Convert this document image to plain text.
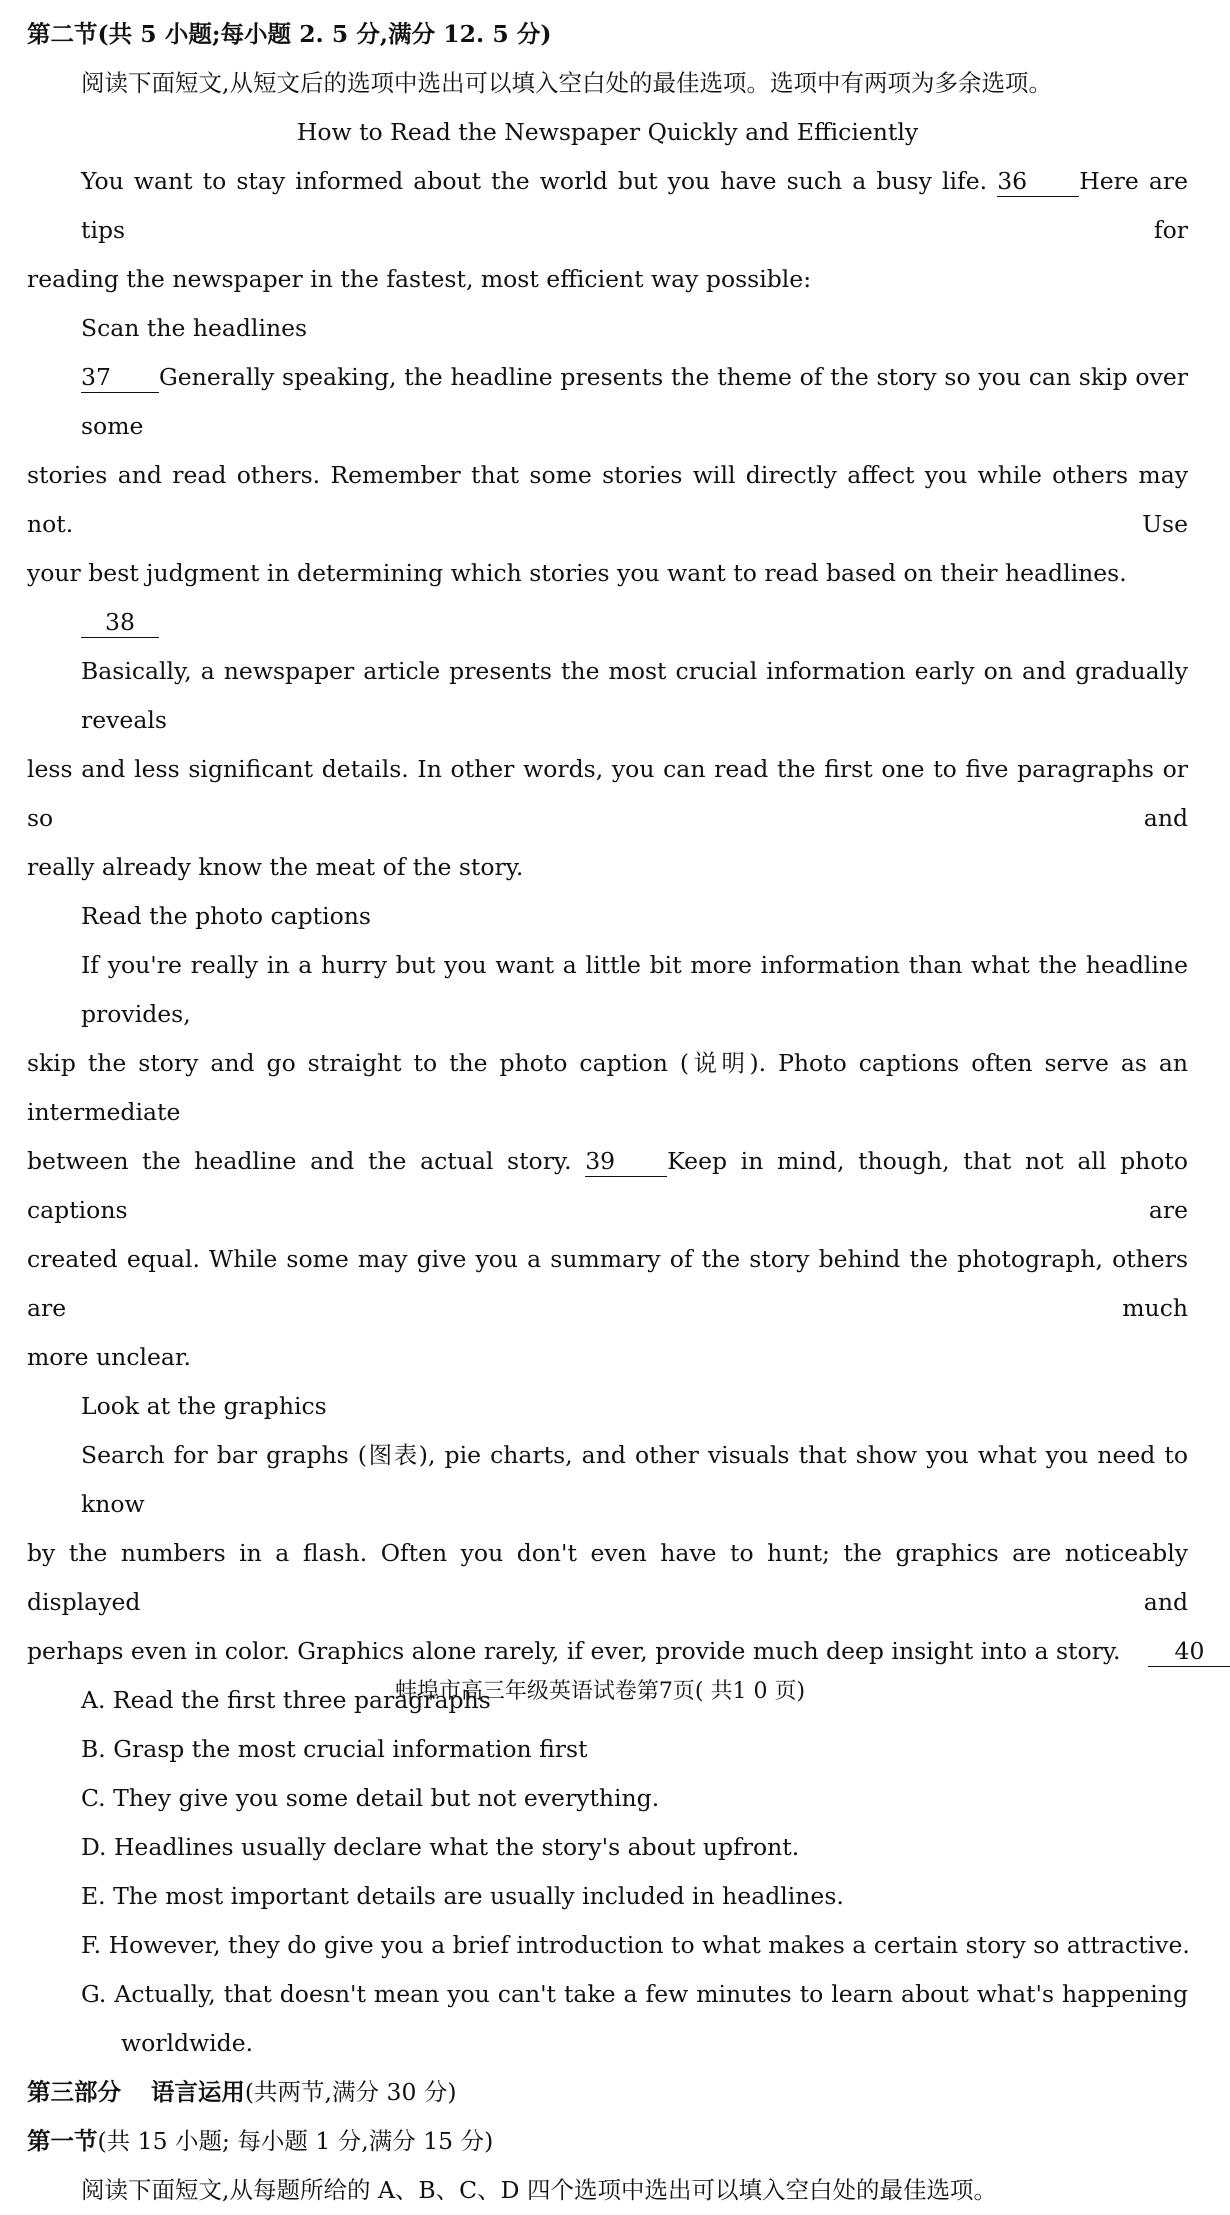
第二节(共 5 小题;每小题 2. 5 分,满分 12. 5 分)
阅读下面短文,从短文后的选项中选出可以填入空白处的最佳选项。选项中有两项为多余选项。
How to Read the Newspaper Quickly and Efficiently
You want to stay informed about the world but you have such a busy life. 36 Here are tips for
reading the newspaper in the fastest, most efficient way possible:
Scan the headlines
37 Generally speaking, the headline presents the theme of the story so you can skip over some
stories and read others. Remember that some stories will directly affect you while others may not. Use
your best judgment in determining which stories you want to read based on their headlines.
38
Basically, a newspaper article presents the most crucial information early on and gradually reveals
less and less significant details. In other words, you can read the first one to five paragraphs or so and
really already know the meat of the story.
Read the photo captions
If you're really in a hurry but you want a little bit more information than what the headline provides,
skip the story and go straight to the photo caption (说明). Photo captions often serve as an intermediate
between the headline and the actual story. 39 Keep in mind, though, that not all photo captions are
created equal. While some may give you a summary of the story behind the photograph, others are much
more unclear.
Look at the graphics
Search for bar graphs (图表), pie charts, and other visuals that show you what you need to know
by the numbers in a flash. Often you don't even have to hunt; the graphics are noticeably displayed and
perhaps even in color. Graphics alone rarely, if ever, provide much deep insight into a story. 40
A. Read the first three paragraphs
B. Grasp the most crucial information first
C. They give you some detail but not everything.
D. Headlines usually declare what the story's about upfront.
E. The most important details are usually included in headlines.
F. However, they do give you a brief introduction to what makes a certain story so attractive.
G. Actually, that doesn't mean you can't take a few minutes to learn about what's happening
worldwide.
第三部分 语言运用(共两节,满分 30 分)
第一节(共 15 小题; 每小题 1 分,满分 15 分)
阅读下面短文,从每题所给的 A、B、C、D 四个选项中选出可以填入空白处的最佳选项。
蚌埠市高三年级英语试卷第7页( 共1 0 页)
